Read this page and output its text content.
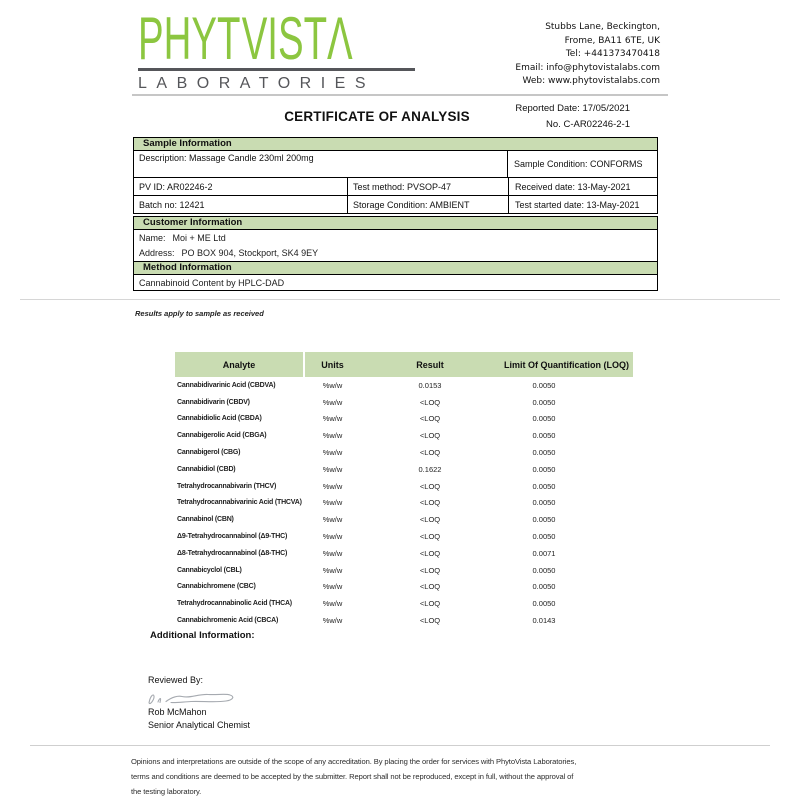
PHYT VISTΛ
LABORATORIES
Stubbs Lane, Beckington,
Frome, BA11 6TE, UK
Tel: +441373470418
Email: info@phytovistalabs.com
Web: www.phytovistalabs.com
Reported Date: 17/05/2021
No. C-AR02246-2-1
CERTIFICATE OF ANALYSIS
Sample Information
Description: Massage Candle 230ml 200mg
Sample Condition: CONFORMS
PV ID: AR02246-2	Test method: PVSOP-47	Received date: 13-May-2021
Batch no: 12421	Storage Condition: AMBIENT	Test started date: 13-May-2021
Customer Information
Name: Moi + ME Ltd
Address: PO BOX 904, Stockport, SK4 9EY
Method Information
Cannabinoid Content by HPLC-DAD
Results apply to sample as received
Analyte	Units	Result	Limit Of Quantification (LOQ)
Cannabidivarinic Acid (CBDVA)	%w/w	0.0153	0.0050
Cannabidivarin (CBDV)	%w/w	<LOQ	0.0050
Cannabidiolic Acid (CBDA)	%w/w	<LOQ	0.0050
Cannabigerolic Acid (CBGA)	%w/w	<LOQ	0.0050
Cannabigerol (CBG)	%w/w	<LOQ	0.0050
Cannabidiol (CBD)	%w/w	0.1622	0.0050
Tetrahydrocannabivarin (THCV)	%w/w	<LOQ	0.0050
Tetrahydrocannabivarinic Acid (THCVA)	%w/w	<LOQ	0.0050
Cannabinol (CBN)	%w/w	<LOQ	0.0050
Δ9-Tetrahydrocannabinol (Δ9-THC)	%w/w	<LOQ	0.0050
Δ8-Tetrahydrocannabinol (Δ8-THC)	%w/w	<LOQ	0.0071
Cannabicyclol (CBL)	%w/w	<LOQ	0.0050
Cannabichromene (CBC)	%w/w	<LOQ	0.0050
Tetrahydrocannabinolic Acid (THCA)	%w/w	<LOQ	0.0050
Cannabichromenic Acid (CBCA)	%w/w	<LOQ	0.0143
Additional Information:
Reviewed By:
Rob McMahon
Senior Analytical Chemist
Opinions and interpretations are outside of the scope of any accreditation. By placing the order for services with PhytoVista Laboratories,
terms and conditions are deemed to be accepted by the submitter. Report shall not be reproduced, except in full, without the approval of
the testing laboratory.
